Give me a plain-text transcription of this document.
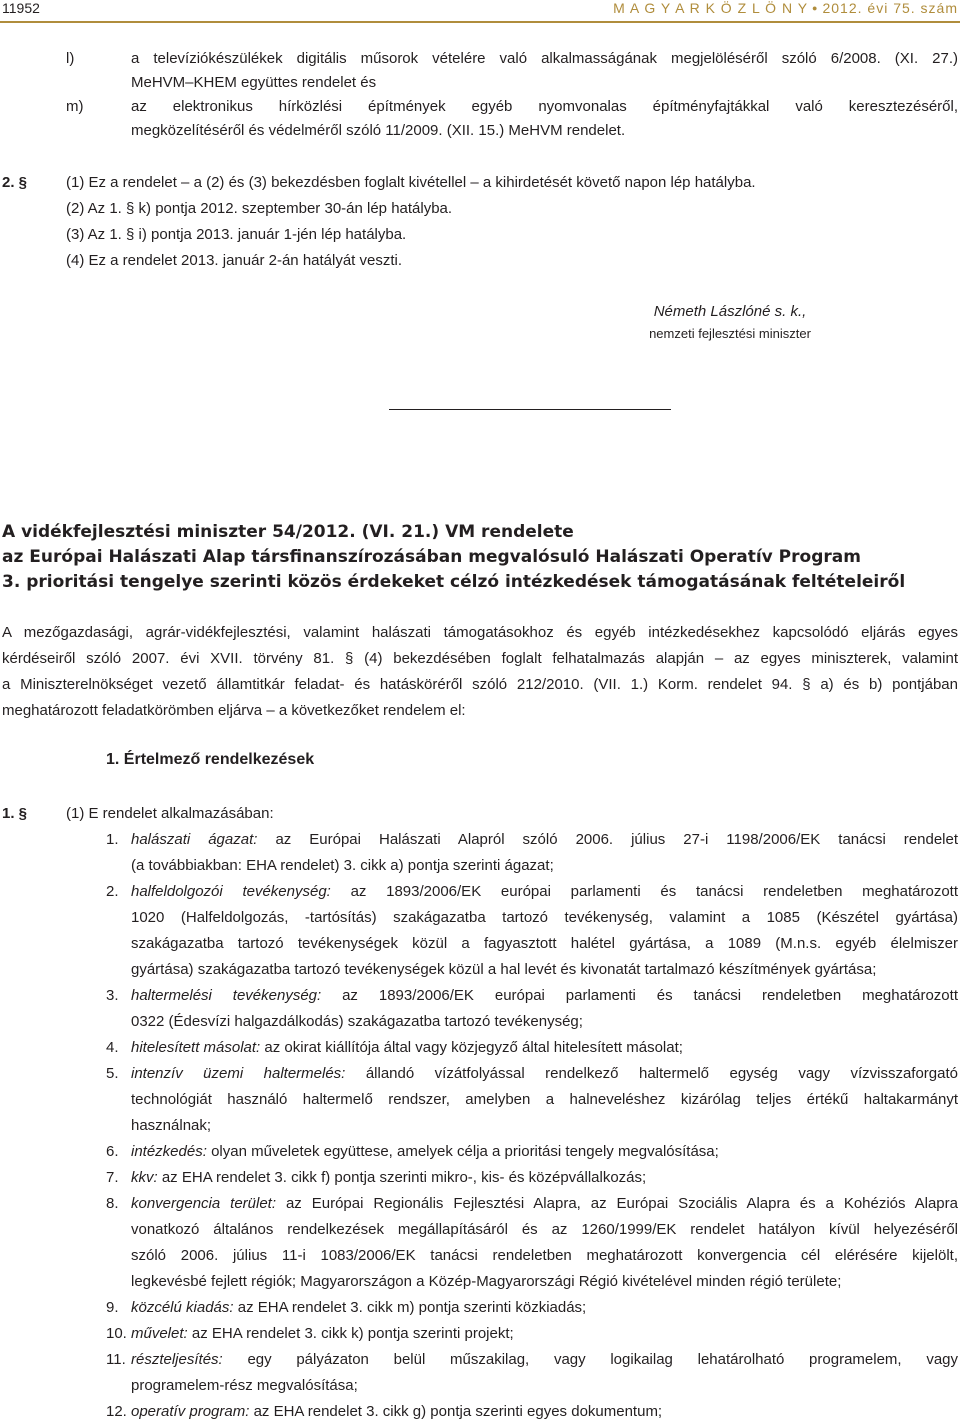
11952	M A G Y A R K Ö Z L Ö N Y ● 2012. évi 75. szám
l)	a televíziókészülékek digitális műsorok vételére való alkalmasságának megjelöléséről szóló 6/2008. (XI. 27.)
MeHVM–KHEM együttes rendelet és
m)	az elektronikus hírközlési építmények egyéb nyomvonalas építményfajtákkal való keresztezéséről,
megközelítéséről és védelméről szóló 11/2009. (XII. 15.) MeHVM rendelet.
2. §	(1) Ez a rendelet – a (2) és (3) bekezdésben foglalt kivétellel – a kihirdetését követő napon lép hatályba.
(2) Az 1. § k) pontja 2012. szeptember 30-án lép hatályba.
(3) Az 1. § i) pontja 2013. január 1-jén lép hatályba.
(4) Ez a rendelet 2013. január 2-án hatályát veszti.
Németh Lászlóné s. k.,
nemzeti fejlesztési miniszter
A vidékfejlesztési miniszter 54/2012. (VI. 21.) VM rendelete
az Európai Halászati Alap társfinanszírozásában megvalósuló Halászati Operatív Program
3. prioritási tengelye szerinti közös érdekeket célzó intézkedések támogatásának feltételeiről
A mezőgazdasági, agrár-vidékfejlesztési, valamint halászati támogatásokhoz és egyéb intézkedésekhez kapcsolódó eljárás egyes
kérdéseiről szóló 2007. évi XVII. törvény 81. § (4) bekezdésében foglalt felhatalmazás alapján – az egyes miniszterek, valamint
a Miniszterelnökséget vezető államtitkár feladat- és hatásköréről szóló 212/2010. (VII. 1.) Korm. rendelet 94. § a) és b) pontjában
meghatározott feladatkörömben eljárva – a következőket rendelem el:
1. Értelmező rendelkezések
1. §	(1) E rendelet alkalmazásában:
1. halászati ágazat: az Európai Halászati Alapról szóló 2006. július 27-i 1198/2006/EK tanácsi rendelet
(a továbbiakban: EHA rendelet) 3. cikk a) pontja szerinti ágazat;
2. halfeldolgozói tevékenység: az 1893/2006/EK európai parlamenti és tanácsi rendeletben meghatározott
1020 (Halfeldolgozás, -tartósítás) szakágazatba tartozó tevékenység, valamint a 1085 (Készétel gyártása)
szakágazatba tartozó tevékenységek közül a fagyasztott halétel gyártása, a 1089 (M.n.s. egyéb élelmiszer
gyártása) szakágazatba tartozó tevékenységek közül a hal levét és kivonatát tartalmazó készítmények gyártása;
3. haltermelési tevékenység: az 1893/2006/EK európai parlamenti és tanácsi rendeletben meghatározott
0322 (Édesvízi halgazdálkodás) szakágazatba tartozó tevékenység;
4. hitelesített másolat: az okirat kiállítója által vagy közjegyző által hitelesített másolat;
5. intenzív üzemi haltermelés: állandó vízátfolyással rendelkező haltermelő egység vagy vízvisszaforgató
technológiát használó haltermelő rendszer, amelyben a halneveléshez kizárólag teljes értékű haltakarmányt
használnak;
6. intézkedés: olyan műveletek együttese, amelyek célja a prioritási tengely megvalósítása;
7. kkv: az EHA rendelet 3. cikk f) pontja szerinti mikro-, kis- és középvállalkozás;
8. konvergencia terület: az Európai Regionális Fejlesztési Alapra, az Európai Szociális Alapra és a Kohéziós Alapra
vonatkozó általános rendelkezések megállapításáról és az 1260/1999/EK rendelet hatályon kívül helyezéséről
szóló 2006. július 11-i 1083/2006/EK tanácsi rendeletben meghatározott konvergencia cél elérésére kijelölt,
legkevésbé fejlett régiók; Magyarországon a Közép-Magyarországi Régió kivételével minden régió területe;
9. közcélú kiadás: az EHA rendelet 3. cikk m) pontja szerinti közkiadás;
10. művelet: az EHA rendelet 3. cikk k) pontja szerinti projekt;
11. részteljesítés: egy pályázaton belül műszakilag, vagy logikailag lehatárolható programelem, vagy
programelem-rész megvalósítása;
12. operatív program: az EHA rendelet 3. cikk g) pontja szerinti egyes dokumentum;
